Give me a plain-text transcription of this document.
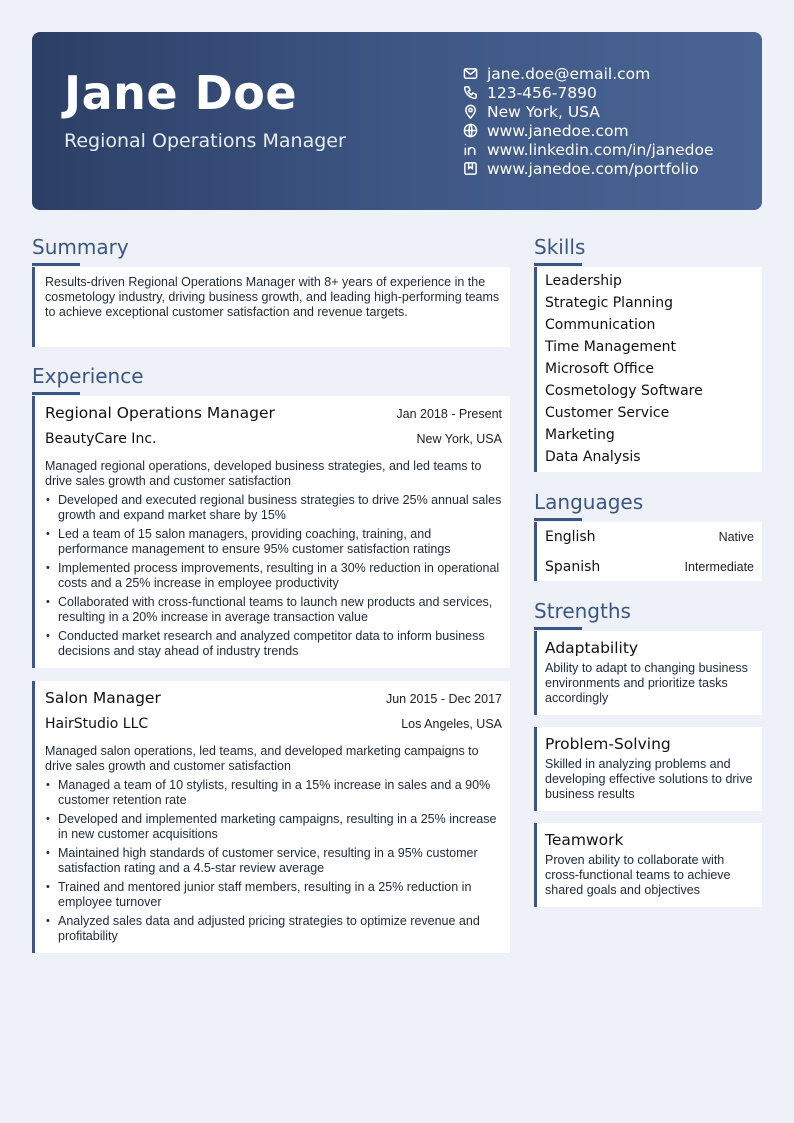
Jane Doe
Regional Operations Manager
jane.doe@email.com
123-456-7890
New York, USA
www.janedoe.com
www.linkedin.com/in/janedoe
www.janedoe.com/portfolio
Summary
Results-driven Regional Operations Manager with 8+ years of experience in the cosmetology industry, driving business growth, and leading high-performing teams to achieve exceptional customer satisfaction and revenue targets.
Experience
Regional Operations Manager	Jan 2018 - Present
BeautyCare Inc.	New York, USA
Managed regional operations, developed business strategies, and led teams to drive sales growth and customer satisfaction
• Developed and executed regional business strategies to drive 25% annual sales growth and expand market share by 15%
• Led a team of 15 salon managers, providing coaching, training, and performance management to ensure 95% customer satisfaction ratings
• Implemented process improvements, resulting in a 30% reduction in operational costs and a 25% increase in employee productivity
• Collaborated with cross-functional teams to launch new products and services, resulting in a 20% increase in average transaction value
• Conducted market research and analyzed competitor data to inform business decisions and stay ahead of industry trends
Salon Manager	Jun 2015 - Dec 2017
HairStudio LLC	Los Angeles, USA
Managed salon operations, led teams, and developed marketing campaigns to drive sales growth and customer satisfaction
• Managed a team of 10 stylists, resulting in a 15% increase in sales and a 90% customer retention rate
• Developed and implemented marketing campaigns, resulting in a 25% increase in new customer acquisitions
• Maintained high standards of customer service, resulting in a 95% customer satisfaction rating and a 4.5-star review average
• Trained and mentored junior staff members, resulting in a 25% reduction in employee turnover
• Analyzed sales data and adjusted pricing strategies to optimize revenue and profitability
Skills
Leadership
Strategic Planning
Communication
Time Management
Microsoft Office
Cosmetology Software
Customer Service
Marketing
Data Analysis
Languages
English	Native
Spanish	Intermediate
Strengths
Adaptability
Ability to adapt to changing business environments and prioritize tasks accordingly
Problem-Solving
Skilled in analyzing problems and developing effective solutions to drive business results
Teamwork
Proven ability to collaborate with cross-functional teams to achieve shared goals and objectives
